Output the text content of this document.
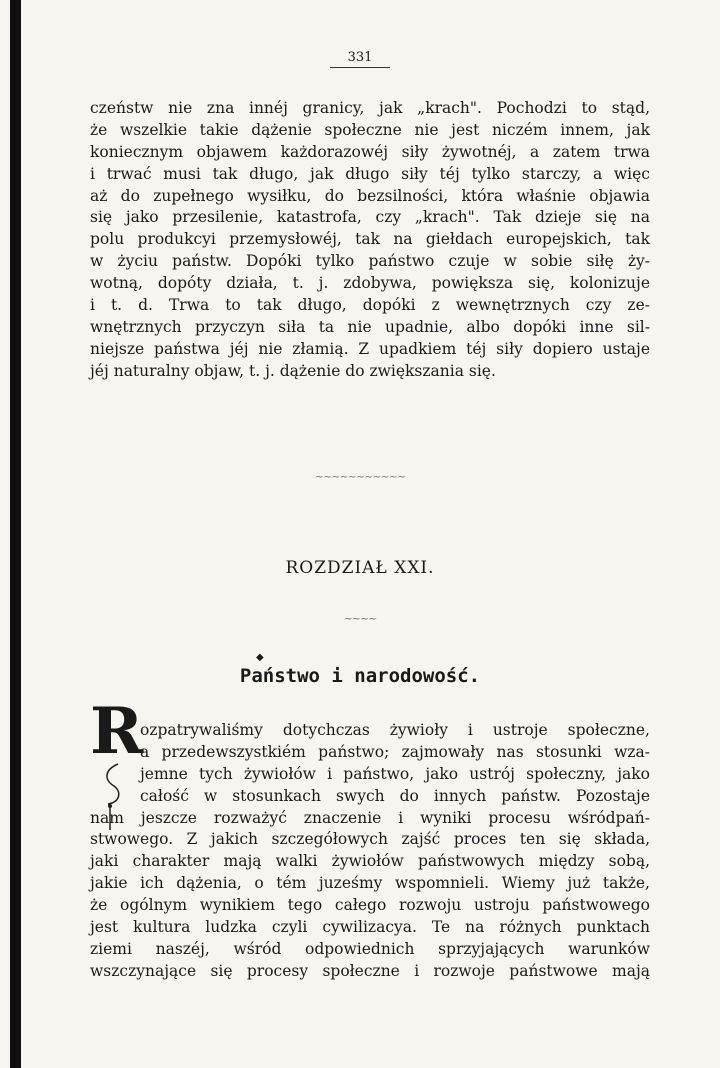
331
czeństw nie zna innéj granicy, jak „krach". Pochodzi to stąd,
że wszelkie takie dążenie społeczne nie jest niczém innem, jak
koniecznym objawem każdorazowéj siły żywotnéj, a zatem trwa
i trwać musi tak długo, jak długo siły téj tylko starczy, a więc
aż do zupełnego wysiłku, do bezsilności, która właśnie objawia
się jako przesilenie, katastrofa, czy „krach". Tak dzieje się na
polu produkcyi przemysłowéj, tak na giełdach europejskich, tak
w życiu państw. Dopóki tylko państwo czuje w sobie siłę ży-
wotną, dopóty działa, t. j. zdobywa, powiększa się, kolonizuje
i t. d. Trwa to tak długo, dopóki z wewnętrznych czy ze-
wnętrznych przyczyn siła ta nie upadnie, albo dopóki inne sil-
niejsze państwa jéj nie złamią. Z upadkiem téj siły dopiero ustaje
jéj naturalny objaw, t. j. dążenie do zwiększania się.
~~~~~~~~~~~
ROZDZIAŁ XXI.
~~~~
◆
Państwo i narodowość.
R
ozpatrywaliśmy dotychczas żywioły i ustroje społeczne,
a przedewszystkiém państwo; zajmowały nas stosunki wza-
jemne tych żywiołów i państwo, jako ustrój społeczny, jako
całość w stosunkach swych do innych państw. Pozostaje
nam jeszcze rozważyć znaczenie i wyniki procesu wśródpań-
stwowego. Z jakich szczegółowych zajść proces ten się składa,
jaki charakter mają walki żywiołów państwowych między sobą,
jakie ich dążenia, o tém juześmy wspomnieli. Wiemy już także,
że ogólnym wynikiem tego całego rozwoju ustroju państwowego
jest kultura ludzka czyli cywilizacya. Te na różnych punktach
ziemi naszéj, wśród odpowiednich sprzyjających warunków
wszczynające się procesy społeczne i rozwoje państwowe mają
